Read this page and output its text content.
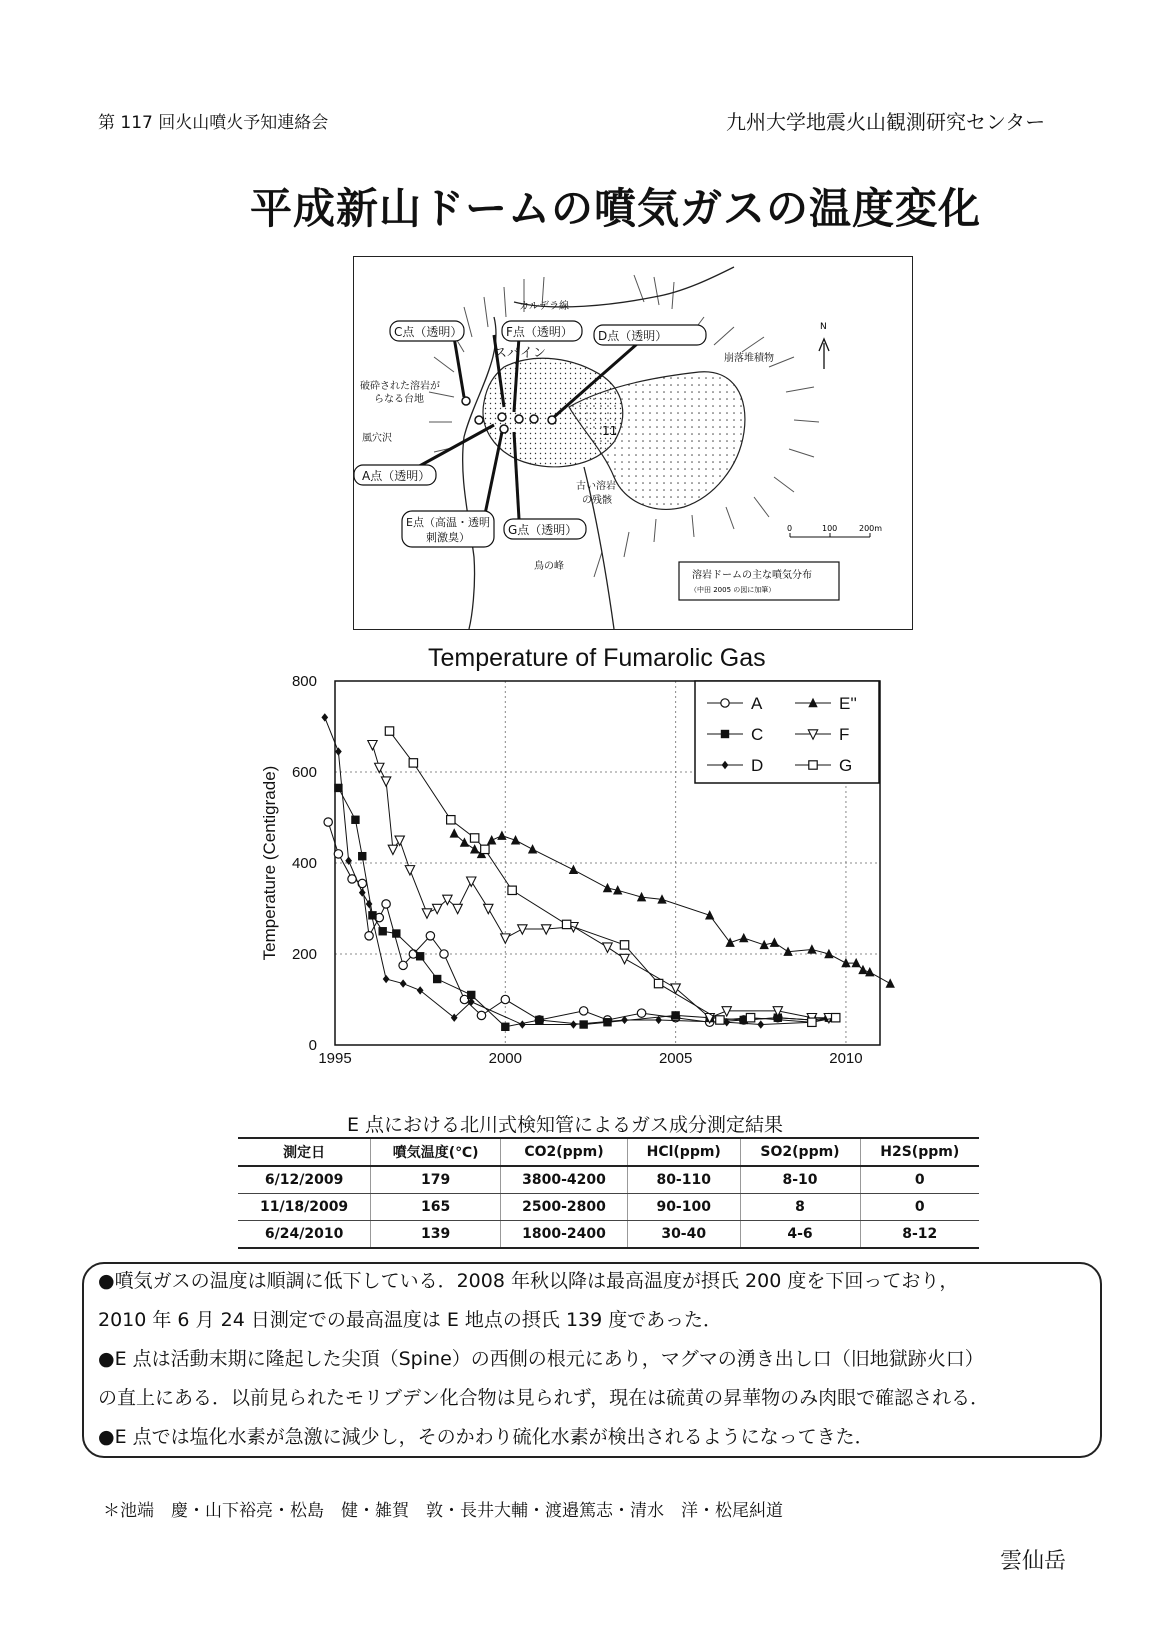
第 117 回火山噴火予知連絡会	九州大学地震火山観測研究センター
平成新山ドームの噴気ガスの温度変化
C点（透明）	F点（透明） D点（透明）
A点（透明）
E点（高温・透明
刺激臭）
G点（透明）
カルデラ線
スパイン	崩落堆積物
破砕された溶岩が
らなる台地
風穴沢
11
古い溶岩
の残骸
鳥の峰
N
0	100	200m
溶岩ドームの主な噴気分布
（中田 2005 の図に加筆）
Temperature of Fumarolic Gas
1995	2000	2005	2010
0
200
400
600
800
Temperature (Centigrade)
A
C
D
E''
F
G
E 点における北川式検知管によるガス成分測定結果
測定日	噴気温度(℃)	CO2(ppm)	HCl(ppm)	SO2(ppm)	H2S(ppm)
6/12/2009	179	3800-4200	80-110	8-10	0
11/18/2009	165	2500-2800	90-100	8	0
6/24/2010	139	1800-2400	30-40	4-6	8-12
●噴気ガスの温度は順調に低下している．2008 年秋以降は最高温度が摂氏 200 度を下回っており，
2010 年 6 月 24 日測定での最高温度は E 地点の摂氏 139 度であった．
●E 点は活動末期に隆起した尖頂（Spine）の西側の根元にあり，マグマの湧き出し口（旧地獄跡火口）
の直上にある．以前見られたモリブデン化合物は見られず，現在は硫黄の昇華物のみ肉眼で確認される．
●E 点では塩化水素が急激に減少し，そのかわり硫化水素が検出されるようになってきた．
＊池端　慶・山下裕亮・松島　健・雑賀　敦・長井大輔・渡邉篤志・清水　洋・松尾糾道
雲仙岳
